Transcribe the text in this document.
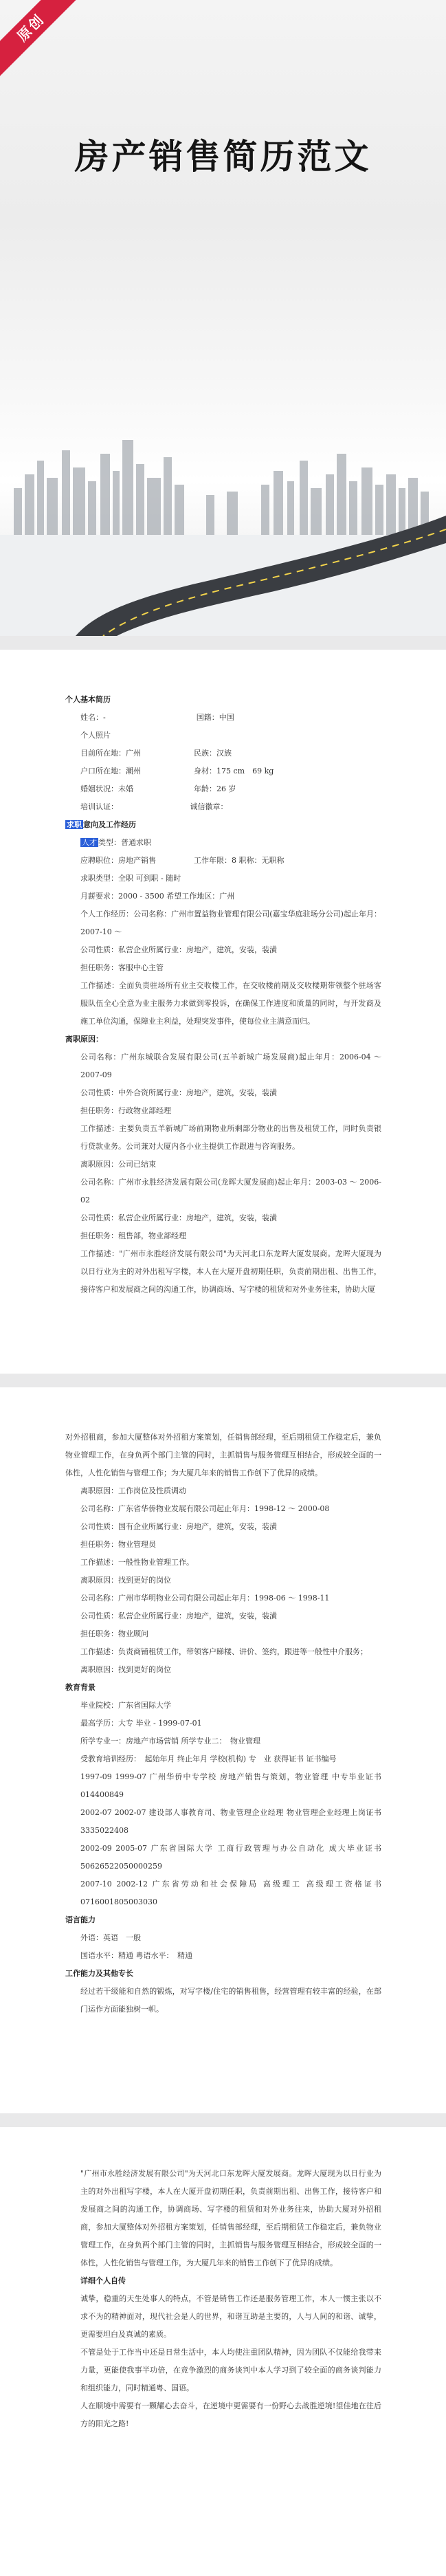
原创
房产销售简历范文

个人基本简历

姓名：-　　　　　　　　　　　　国籍：中国

个人照片

目前所在地：广州　　　　　　　民族：汉族

户口所在地：潮州　　　　　　　身材：175 cm　69 kg

婚姻状况：未婚　　　　　　　　年龄：26 岁

培训认证：　　　　　　　　　　诚信徽章：

求职 意向及工作经历

人才 类型：普通求职

应聘职位：房地产销售　　　　　工作年限：8 职称：无职称

求职类型：全职 可到职 - 随时

月薪要求：2000 - 3500 希望工作地区：广州

个人工作经历：公司名称：广州市置益物业管理有限公司(嘉宝华庭驻场分公司)起止年月：2007-10 ～

公司性质：私营企业所属行业：房地产，建筑，安装，装潢

担任职务：客服中心主管

工作描述：全面负责驻场所有业主交收楼工作，在交收楼前期及交收楼期带领整个驻场客服队伍全心全意为业主服务力求做到零投诉，在确保工作进度和质量的同时，与开发商及施工单位沟通，保障业主利益，处理突发事件，使每位业主满意而归。

离职原因：

公司名称：广州东城联合发展有限公司(五羊新城广场发展商)起止年月：2006-04 ～ 2007-09

公司性质：中外合资所属行业：房地产，建筑，安装，装潢

担任职务：行政物业部经理

工作描述：主要负责五羊新城广场前期物业所剩部分物业的出售及租赁工作，同时负责银行贷款业务。公司兼对大厦内各小业主提供工作跟进与咨询服务。

离职原因：公司已结束

公司名称：广州市永胜经济发展有限公司(龙晖大厦发展商)起止年月：2003-03 ～ 2006-02

公司性质：私营企业所属行业：房地产，建筑，安装，装潢

担任职务：租售部，物业部经理

工作描述："广州市永胜经济发展有限公司"为天河北口东龙晖大厦发展商。龙晖大厦现为以日行业为主的对外出租写字楼，本人在大厦开盘初期任职，负责前期出租、出售工作，接待客户和发展商之间的沟通工作，协调商场、写字楼的租赁和对外业务往来，协助大厦

对外招租商，参加大厦整体对外招租方案策划，任销售部经理，至后期租赁工作稳定后，兼负物业管理工作，在身负两个部门主管的同时，主抓销售与服务管理互相结合，形成较全面的一体性，人性化销售与管理工作；为大厦几年来的销售工作创下了优异的成绩。

离职原因：工作岗位及性质调动

公司名称：广东省华侨物业发展有限公司起止年月：1998-12 ～ 2000-08

公司性质：国有企业所属行业：房地产，建筑，安装，装潢

担任职务：物业管理员

工作描述：一般性物业管理工作。

离职原因：找到更好的岗位

公司名称：广州市华明物业公司有限公司起止年月：1998-06 ～ 1998-11

公司性质：私营企业所属行业：房地产，建筑，安装，装潢

担任职务：物业顾问

工作描述：负责商铺租赁工作，带领客户睇楼、讲价、签约，跟进等一般性中介服务；

离职原因：找到更好的岗位

教育背景

毕业院校：广东省国际大学

最高学历：大专 毕业 - 1999-07-01

所学专业一：房地产市场营销 所学专业二：　物业管理

受教育培训经历：　起始年月 终止年月 学校(机构) 专　业 获得证书 证书编号

1997-09 1999-07 广州华侨中专学校 房地产销售与策划，物业管理 中专毕业证书 014400849

2002-07 2002-07 建设部人事教育司、物业管理企业经理 物业管理企业经理上岗证书 3335022408

2002-09 2005-07 广东省国际大学 工商行政管理与办公自动化 成大毕业证书 50626522050000259

2007-10 2002-12 广东省劳动和社会保障局 高级理工 高级理工资格证书 0716001805003030

语言能力

外语：英语　一般

国语水平：精通 粤语水平：　精通

工作能力及其他专长

经过若干级能和自然的锻炼，对写字楼/住宅的销售租售，经营管理有较丰富的经验，在部门运作方面能独树一帜。

"广州市永胜经济发展有限公司"为天河北口东龙晖大厦发展商。龙晖大厦现为以日行业为主的对外出租写字楼，本人在大厦开盘初期任职，负责前期出租、出售工作，接待客户和发展商之间的沟通工作，协调商场、写字楼的租赁和对外业务往来，协助大厦对外招租商，参加大厦整体对外招租方案策划，任销售部经理，至后期租赁工作稳定后，兼负物业管理工作，在身负两个部门主管的同时，主抓销售与服务管理互相结合，形成较全面的一体性，人性化销售与管理工作，为大厦几年来的销售工作创下了优异的成绩。

详细个人自传

诚挚，稳重的天生处事人的特点，不管是销售工作还是服务管理工作，本人一惯主张以不求不为的精神面对，现代社会是人的世界，和谐互助是主要的，人与人间的和谐、诚挚，更需要坦白及真诚的素质。

不管是处于工作当中还是日常生活中，本人均使注重团队精神，因为团队不仅能给我带来力量，更能使我事半功倍，在竞争激烈的商务谈判中本人学习到了较全面的商务谈判能力和组织能力，同时精通粤、国语。

人在顺境中需要有一颗耀心去奋斗，在逆境中更需要有一份野心去战胜逆境!望佳地在往后方的阳光之路!
